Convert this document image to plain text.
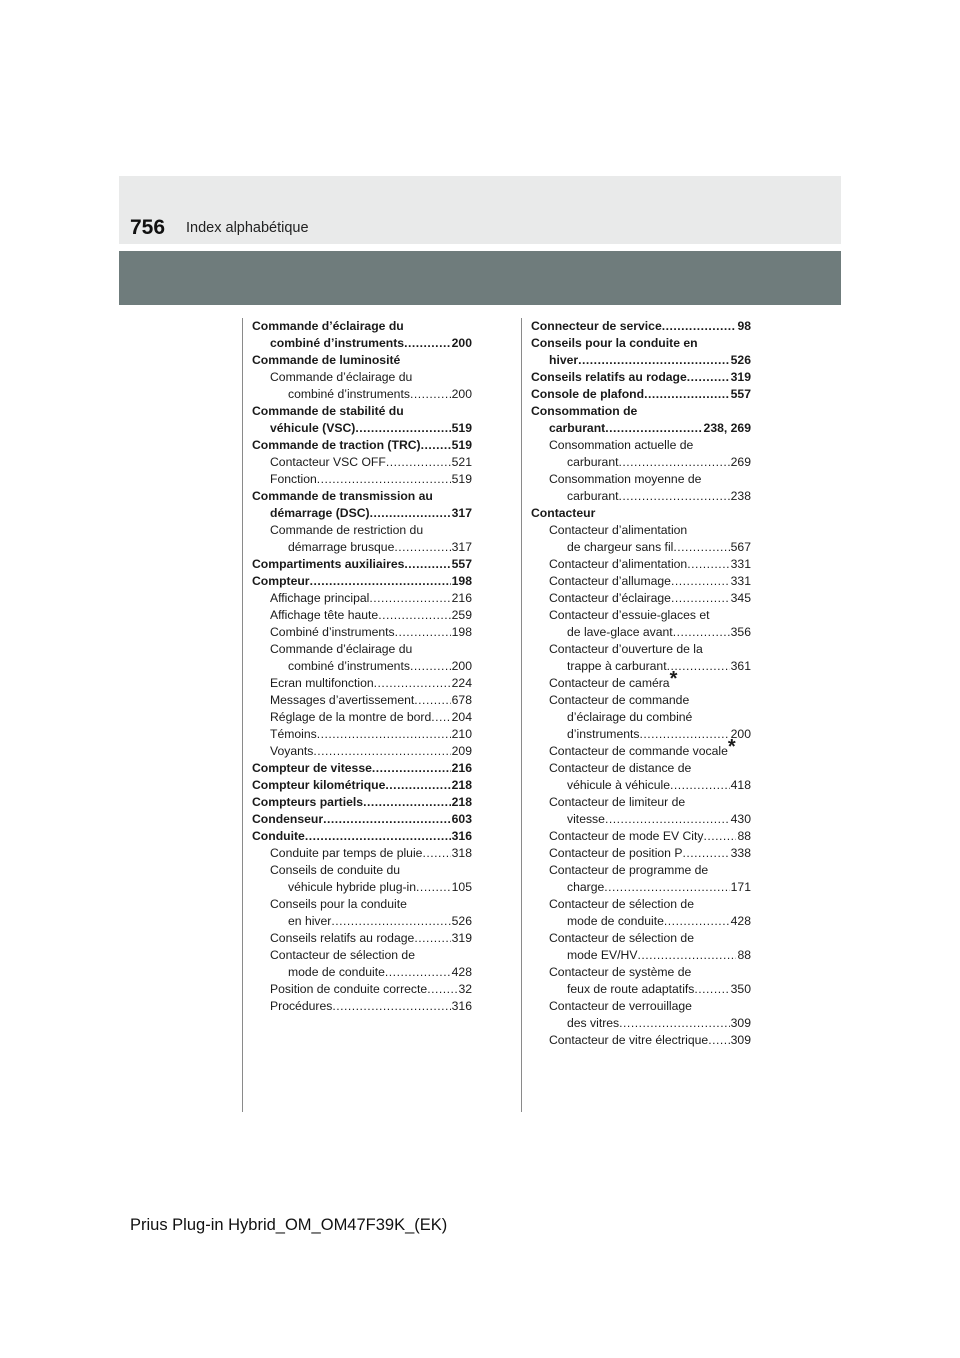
756 Index alphabétique
Commande d’éclairage du
combiné d’instruments .....	200
Commande de luminosité
Commande d’éclairage du
combiné d’instruments .....	200
Commande de stabilité du
véhicule (VSC) .....	519
Commande de traction (TRC) .....	519
Contacteur VSC OFF .....	521
Fonction .....	519
Commande de transmission au
démarrage (DSC) .....	317
Commande de restriction du
démarrage brusque .....	317
Compartiments auxiliaires .....	557
Compteur .....	198
Affichage principal .....	216
Affichage tête haute .....	259
Combiné d’instruments .....	198
Commande d’éclairage du
combiné d’instruments .....	200
Ecran multifonction .....	224
Messages d’avertissement .....	678
Réglage de la montre de bord ..... 204
Témoins .....	210
Voyants .....	209
Compteur de vitesse .....	216
Compteur kilométrique .....	218
Compteurs partiels .....	218
Condenseur .....	603
Conduite .....	316
Conduite par temps de pluie ..... 318
Conseils de conduite du
véhicule hybride plug-in .....	105
Conseils pour la conduite
en hiver .....	526
Conseils relatifs au rodage .....	319
Contacteur de sélection de
mode de conduite .....	428
Position de conduite correcte .....	32
Procédures .....	316
Connecteur de service .....	98
Conseils pour la conduite en
hiver .....	526
Conseils relatifs au rodage .....	319
Console de plafond .....	557
Consommation de
carburant .....	238, 269
Consommation actuelle de
carburant .....	269
Consommation moyenne de
carburant .....	238
Contacteur
Contacteur d’alimentation
de chargeur sans fil .....	567
Contacteur d’alimentation .....	331
Contacteur d’allumage .....	331
Contacteur d’éclairage .....	345
Contacteur d’essuie-glaces et
de lave-glace avant .....	356
Contacteur d’ouverture de la
trappe à carburant .....	361
Contacteur de caméra*
Contacteur de commande
d’éclairage du combiné
d’instruments .....	200
Contacteur de commande vocale*
Contacteur de distance de
véhicule à véhicule .....	418
Contacteur de limiteur de
vitesse .....	430
Contacteur de mode EV City .....	88
Contacteur de position P .....	338
Contacteur de programme de
charge .....	171
Contacteur de sélection de
mode de conduite .....	428
Contacteur de sélection de
mode EV/HV .....	88
Contacteur de système de
feux de route adaptatifs .....	350
Contacteur de verrouillage
des vitres .....	309
Contacteur de vitre électrique ..... 309
Prius Plug-in Hybrid_OM_OM47F39K_(EK)
